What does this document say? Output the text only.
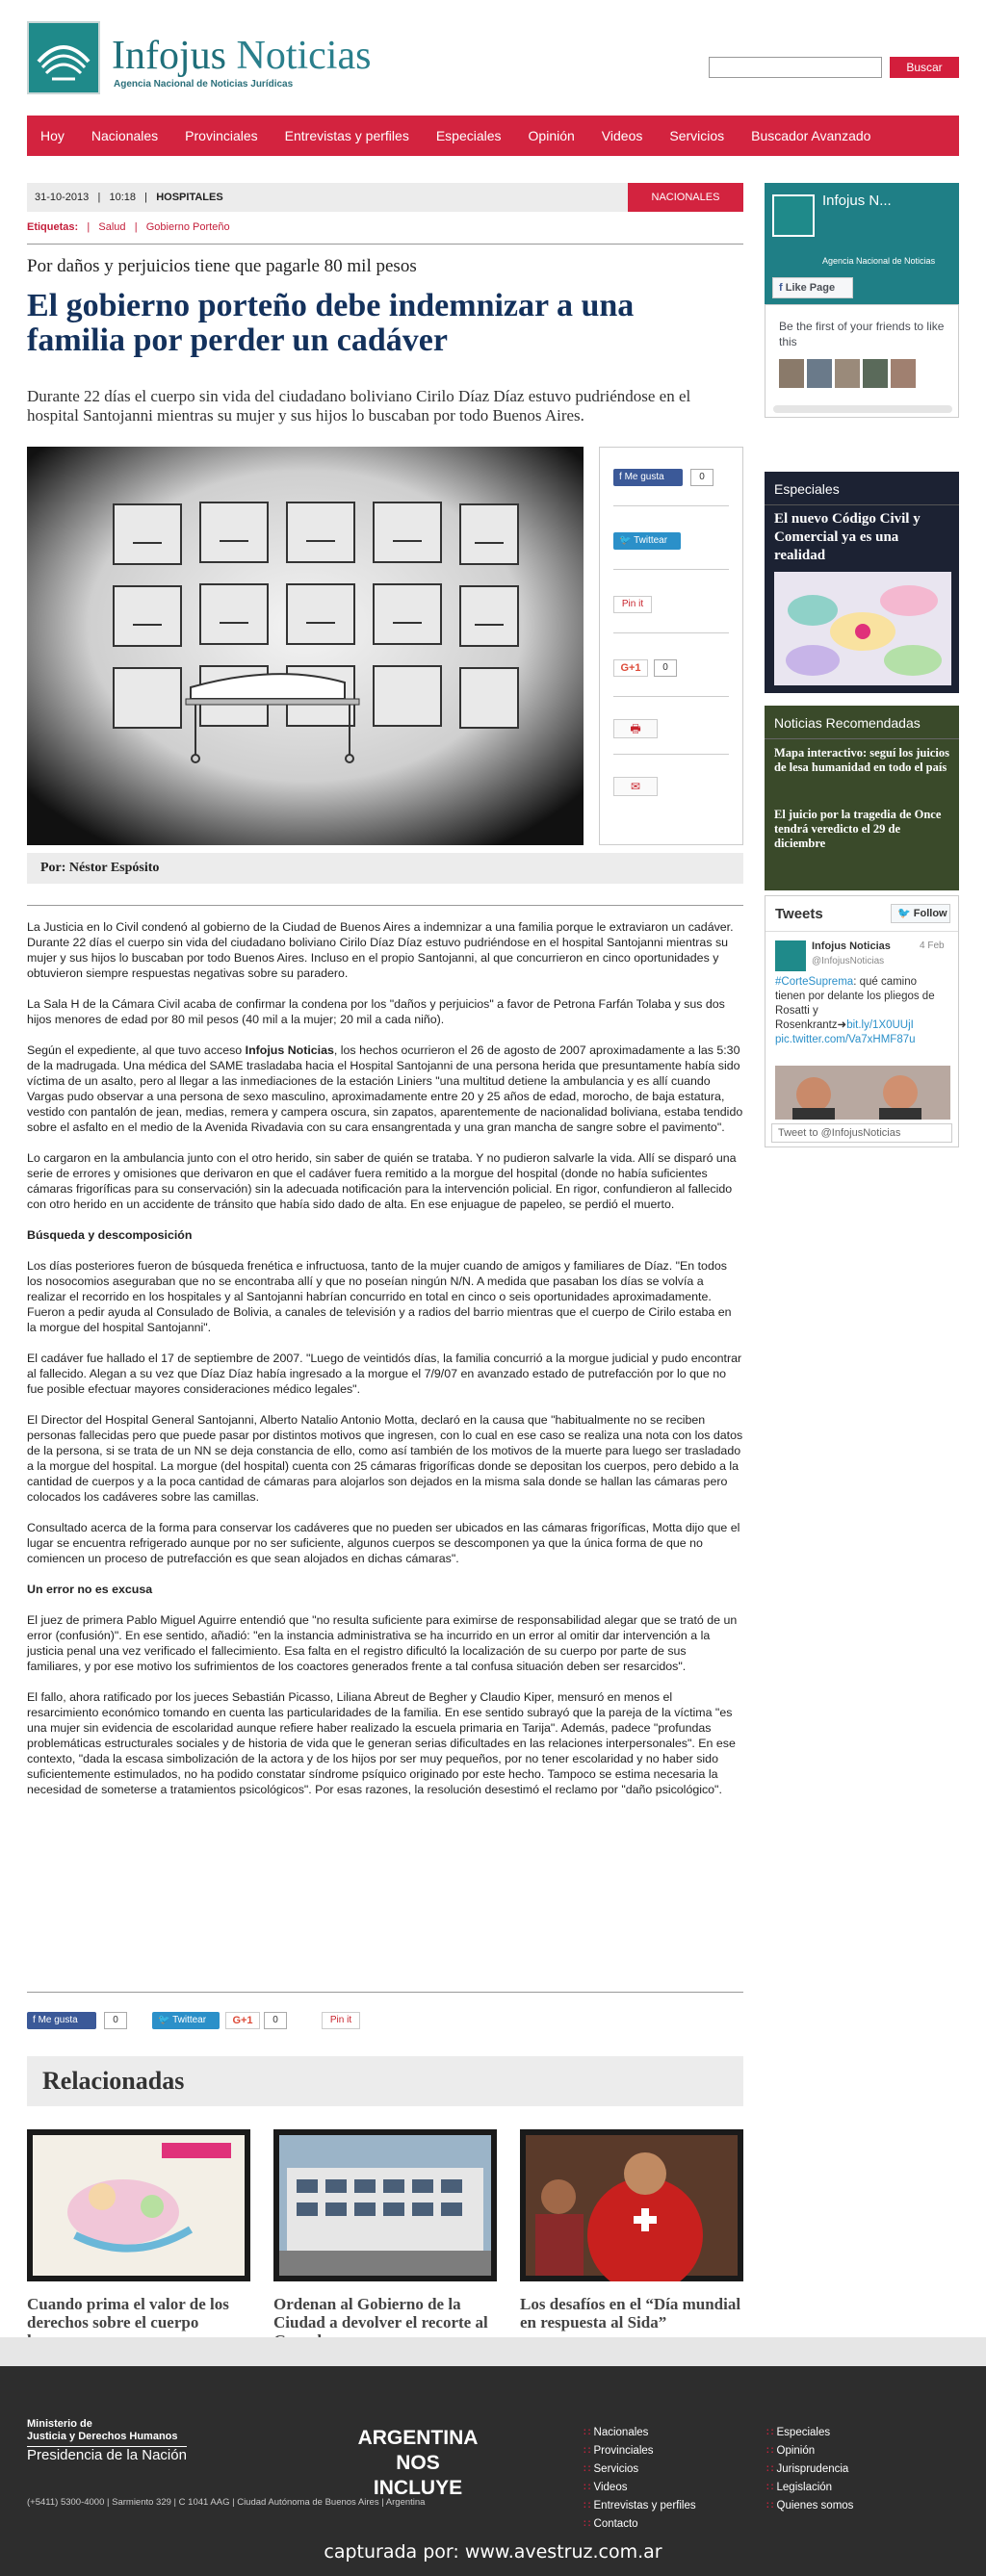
Infojus Noticias
Agencia Nacional de Noticias Jurídicas
Buscar
Hoy Nacionales Provinciales Entrevistas y perfiles Especiales Opinión Videos Servicios Buscador Avanzado
31-10-2013   |   10:18   |   HOSPITALES	NACIONALES
Etiquetas:   |   Salud   |   Gobierno Porteño
Por daños y perjuicios tiene que pagarle 80 mil pesos
El gobierno porteño debe indemnizar a una familia por perder un cadáver
Durante 22 días el cuerpo sin vida del ciudadano boliviano Cirilo Díaz Díaz estuvo pudriéndose en el hospital Santojanni mientras su mujer y sus hijos lo buscaban por todo Buenos Aires.
f Me gusta	0
🐦 Twittear
Pin it
G+1	0
🖶
✉
Por: Néstor Espósito

La Justicia en lo Civil condenó al gobierno de la Ciudad de Buenos Aires a indemnizar a una familia porque le extraviaron un cadáver. Durante 22 días el cuerpo sin vida del ciudadano boliviano Cirilo Díaz Díaz estuvo pudriéndose en el hospital Santojanni mientras su mujer y sus hijos lo buscaban por todo Buenos Aires. Incluso en el propio Santojanni, al que concurrieron en cinco oportunidades y obtuvieron siempre respuestas negativas sobre su paradero.

La Sala H de la Cámara Civil acaba de confirmar la condena por los "daños y perjuicios" a favor de Petrona Farfán Tolaba y sus dos hijos menores de edad por 80 mil pesos (40 mil a la mujer; 20 mil a cada niño).

Según el expediente, al que tuvo acceso Infojus Noticias, los hechos ocurrieron el 26 de agosto de 2007 aproximadamente a las 5:30 de la madrugada. Una médica del SAME trasladaba hacia el Hospital Santojanni de una persona herida que presuntamente había sido víctima de un asalto, pero al llegar a las inmediaciones de la estación Liniers "una multitud detiene la ambulancia y es allí cuando Vargas pudo observar a una persona de sexo masculino, aproximadamente entre 20 y 25 años de edad, morocho, de baja estatura, vestido con pantalón de jean, medias, remera y campera oscura, sin zapatos, aparentemente de nacionalidad boliviana, estaba tendido sobre el asfalto en el medio de la Avenida Rivadavia con su cara ensangrentada y una gran mancha de sangre sobre el pavimento".

Lo cargaron en la ambulancia junto con el otro herido, sin saber de quién se trataba. Y no pudieron salvarle la vida. Allí se disparó una serie de errores y omisiones que derivaron en que el cadáver fuera remitido a la morgue del hospital (donde no había suficientes cámaras frigoríficas para su conservación) sin la adecuada notificación para la intervención policial. En rigor, confundieron al fallecido con otro herido en un accidente de tránsito que había sido dado de alta. En ese enjuague de papeleo, se perdió el muerto.

Búsqueda y descomposición

Los días posteriores fueron de búsqueda frenética e infructuosa, tanto de la mujer cuando de amigos y familiares de Díaz. "En todos los nosocomios aseguraban que no se encontraba allí y que no poseían ningún N/N. A medida que pasaban los días se volvía a realizar el recorrido en los hospitales y al Santojanni habrían concurrido en total en cinco o seis oportunidades aproximadamente. Fueron a pedir ayuda al Consulado de Bolivia, a canales de televisión y a radios del barrio mientras que el cuerpo de Cirilo estaba en la morgue del hospital Santojanni".

El cadáver fue hallado el 17 de septiembre de 2007. "Luego de veintidós días, la familia concurrió a la morgue judicial y pudo encontrar al fallecido. Alegan a su vez que Díaz Díaz había ingresado a la morgue el 7/9/07 en avanzado estado de putrefacción por lo que no fue posible efectuar mayores consideraciones médico legales".

El Director del Hospital General Santojanni, Alberto Natalio Antonio Motta, declaró en la causa que "habitualmente no se reciben personas fallecidas pero que puede pasar por distintos motivos que ingresen, con lo cual en ese caso se realiza una nota con los datos de la persona, si se trata de un NN se deja constancia de ello, como así también de los motivos de la muerte para luego ser trasladado a la morgue del hospital. La morgue (del hospital) cuenta con 25 cámaras frigoríficas donde se depositan los cuerpos, pero debido a la cantidad de cuerpos y a la poca cantidad de cámaras para alojarlos son dejados en la misma sala donde se hallan las cámaras pero colocados los cadáveres sobre las camillas.

Consultado acerca de la forma para conservar los cadáveres que no pueden ser ubicados en las cámaras frigoríficas, Motta dijo que el lugar se encuentra refrigerado aunque por no ser suficiente, algunos cuerpos se descomponen ya que la única forma de que no comiencen un proceso de putrefacción es que sean alojados en dichas cámaras".

Un error no es excusa

El juez de primera Pablo Miguel Aguirre entendió que "no resulta suficiente para eximirse de responsabilidad alegar que se trató de un error (confusión)". En ese sentido, añadió: "en la instancia administrativa se ha incurrido en un error al omitir dar intervención a la justicia penal una vez verificado el fallecimiento. Esa falta en el registro dificultó la localización de su cuerpo por parte de sus familiares, y por ese motivo los sufrimientos de los coactores generados frente a tal confusa situación deben ser resarcidos".

El fallo, ahora ratificado por los jueces Sebastián Picasso, Liliana Abreut de Begher y Claudio Kiper, mensuró en menos el resarcimiento económico tomando en cuenta las particularidades de la familia. En ese sentido subrayó que la pareja de la víctima "es una mujer sin evidencia de escolaridad aunque refiere haber realizado la escuela primaria en Tarija". Además, padece "profundas problemáticas estructurales sociales y de historia de vida que le generan serias dificultades en las relaciones interpersonales". En ese contexto, "dada la escasa simbolización de la actora y de los hijos por ser muy pequeños, por no tener escolaridad y no haber sido suficientemente estimulados, no ha podido constatar síndrome psíquico originado por este hecho. Tampoco se estima necesaria la necesidad de someterse a tratamientos psicológicos". Por esas razones, la resolución desestimó el reclamo por "daño psicológico".

f Me gusta	0	🐦 Twittear	G+1	0	Pin it
Relacionadas
Cuando prima el valor de los derechos sobre el cuerpo
Ordenan al Gobierno de la Ciudad a devolver el recorte al
Los desafíos en el “Día mundial en respuesta al Sida”
Infojus N...
Agencia Nacional de Noticias
f Like Page
Be the first of your friends to like this
Especiales
El nuevo Código Civil y Comercial ya es una realidad
Noticias Recomendadas
Mapa interactivo: seguí los juicios de lesa humanidad en todo el país
El juicio por la tragedia de Once tendrá veredicto el 29 de diciembre
Tweets	🐦 Follow
Infojus Noticias	4 Feb
@InfojusNoticias
#CorteSuprema: qué camino tienen por delante los pliegos de Rosatti y Rosenkrantz➜bit.ly/1X0UUjI
pic.twitter.com/Va7xHMF87u
Tweet to @InfojusNoticias
Ministerio de
Justicia y Derechos Humanos
Presidencia de la Nación
ARGENTINA
NOS INCLUYE
(+5411) 5300-4000 | Sarmiento 329 | C 1041 AAG | Ciudad Autónoma de Buenos Aires | Argentina
∷ Nacionales
∷ Provinciales
∷ Servicios
∷ Videos
∷ Entrevistas y perfiles
∷ Contacto
∷ Especiales
∷ Opinión
∷ Jurisprudencia
∷ Legislación
∷ Quienes somos
capturada por: www.avestruz.com.ar
